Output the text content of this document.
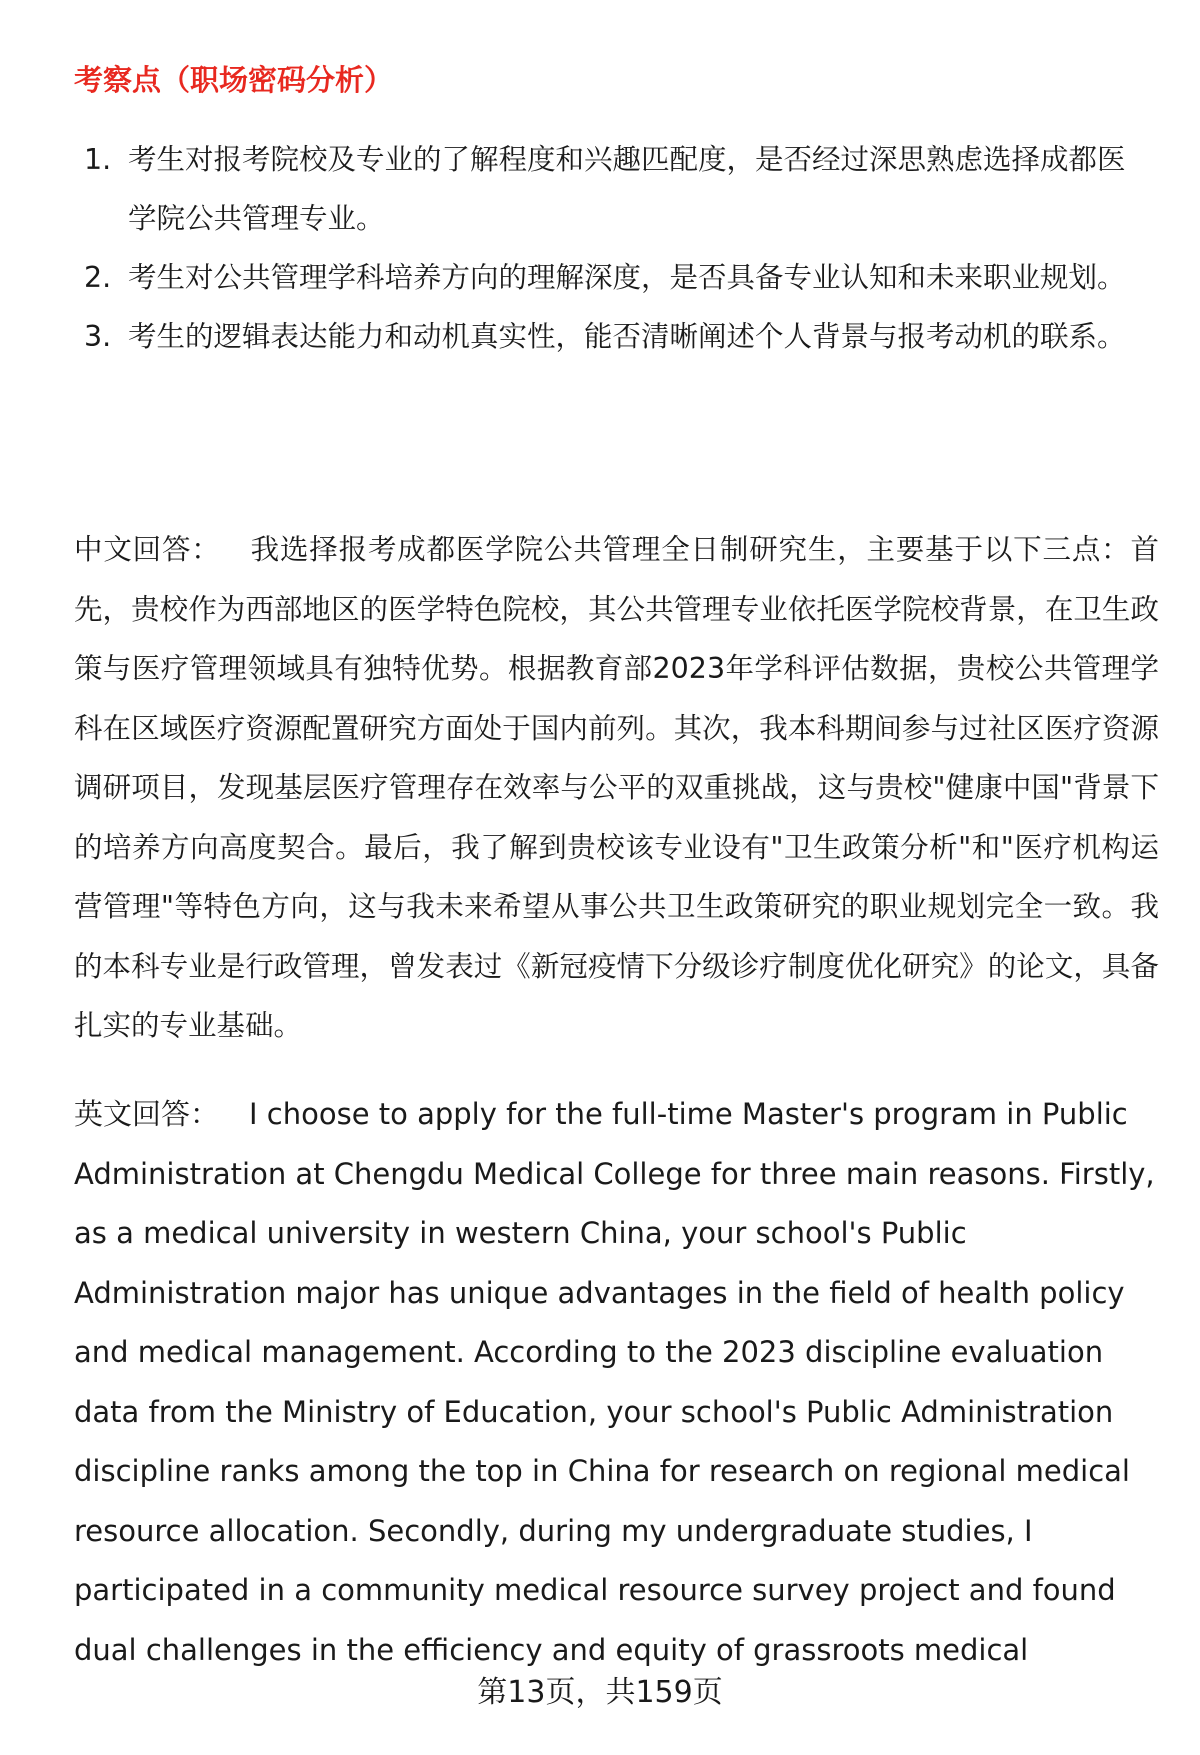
​
考察点（职场密码分析）
1. 考生对报考院校及专业的了解程度和兴趣匹配度，是否经过深思熟虑选择成都医学院公共管理专业。
2. 考生对公共管理学科培养方向的理解深度，是否具备专业认知和未来职业规划。
3. 考生的逻辑表达能力和动机真实性，能否清晰阐述个人背景与报考动机的联系。

中文回答： 我选择报考成都医学院公共管理全日制研究生，主要基于以下三点：首先，贵校作为西部地区的医学特色院校，其公共管理专业依托医学院校背景，在卫生政策与医疗管理领域具有独特优势。根据教育部2023年学科评估数据，贵校公共管理学科在区域医疗资源配置研究方面处于国内前列。其次，我本科期间参与过社区医疗资源调研项目，发现基层医疗管理存在效率与公平的双重挑战，这与贵校"健康中国"背景下的培养方向高度契合。最后，我了解到贵校该专业设有"卫生政策分析"和"医疗机构运营管理"等特色方向，这与我未来希望从事公共卫生政策研究的职业规划完全一致。我的本科专业是行政管理，曾发表过《新冠疫情下分级诊疗制度优化研究》的论文，具备扎实的专业基础。

英文回答： I choose to apply for the full-time Master's program in Public Administration at Chengdu Medical College for three main reasons. Firstly, as a medical university in western China, your school's Public Administration major has unique advantages in the field of health policy and medical management. According to the 2023 discipline evaluation data from the Ministry of Education, your school's Public Administration discipline ranks among the top in China for research on regional medical resource allocation. Secondly, during my undergraduate studies, I participated in a community medical resource survey project and found dual challenges in the efficiency and equity of grassroots medical

第13页，共159页
